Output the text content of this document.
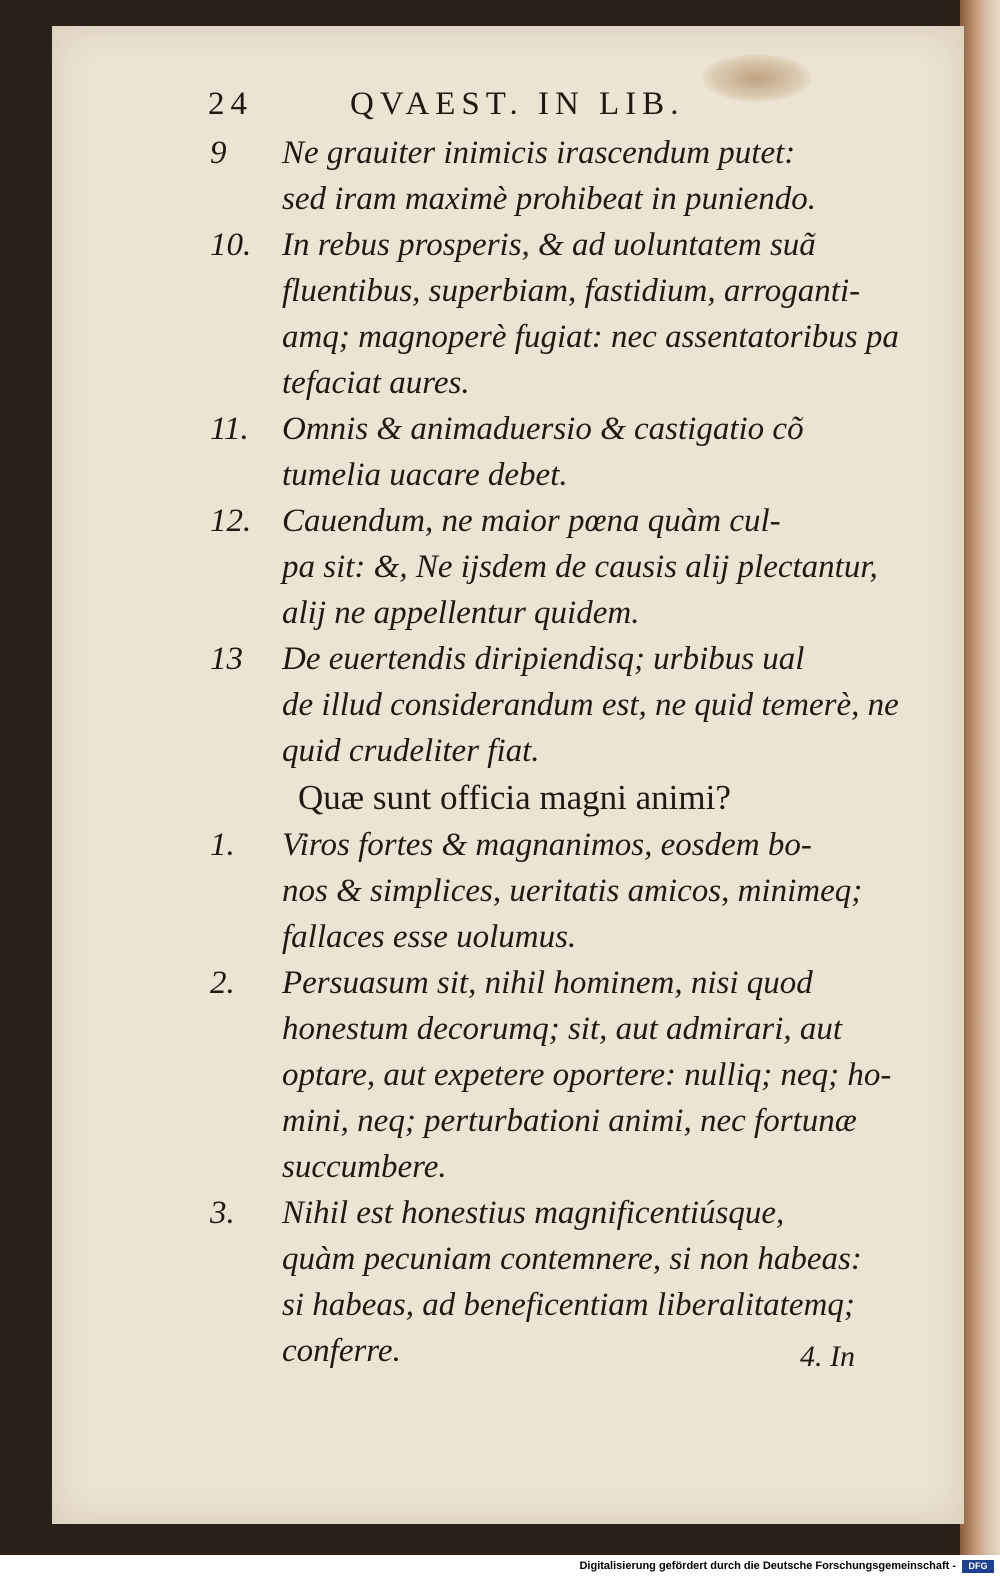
24	QVAEST. IN LIB.
9 Ne grauiter inimicis irascendum putet:
sed iram maximè prohibeat in puniendo.
10. In rebus prosperis, & ad uoluntatem suã
fluentibus, superbiam, fastidium, arroganti-
amq; magnoperè fugiat: nec assentatoribus pa
tefaciat aures.
11. Omnis & animaduersio & castigatio cõ
tumelia uacare debet.
12. Cauendum, ne maior pœna quàm cul-
pa sit: &, Ne ijsdem de causis alij plectantur,
alij ne appellentur quidem.
13 De euertendis diripiendisq; urbibus ual
de illud considerandum est, ne quid temerè, ne
quid crudeliter fiat.
Quæ sunt officia magni animi?
1. Viros fortes & magnanimos, eosdem bo-
nos & simplices, ueritatis amicos, minimeq;
fallaces esse uolumus.
2. Persuasum sit, nihil hominem, nisi quod
honestum decorumq; sit, aut admirari, aut
optare, aut expetere oportere: nulliq; neq; ho-
mini, neq; perturbationi animi, nec fortunæ
succumbere.
3. Nihil est honestius magnificentiúsque,
quàm pecuniam contemnere, si non habeas:
si habeas, ad beneficentiam liberalitatemq;
conferre.	4. In
Digitalisierung gefördert durch die Deutsche Forschungsgemeinschaft -	DFG
